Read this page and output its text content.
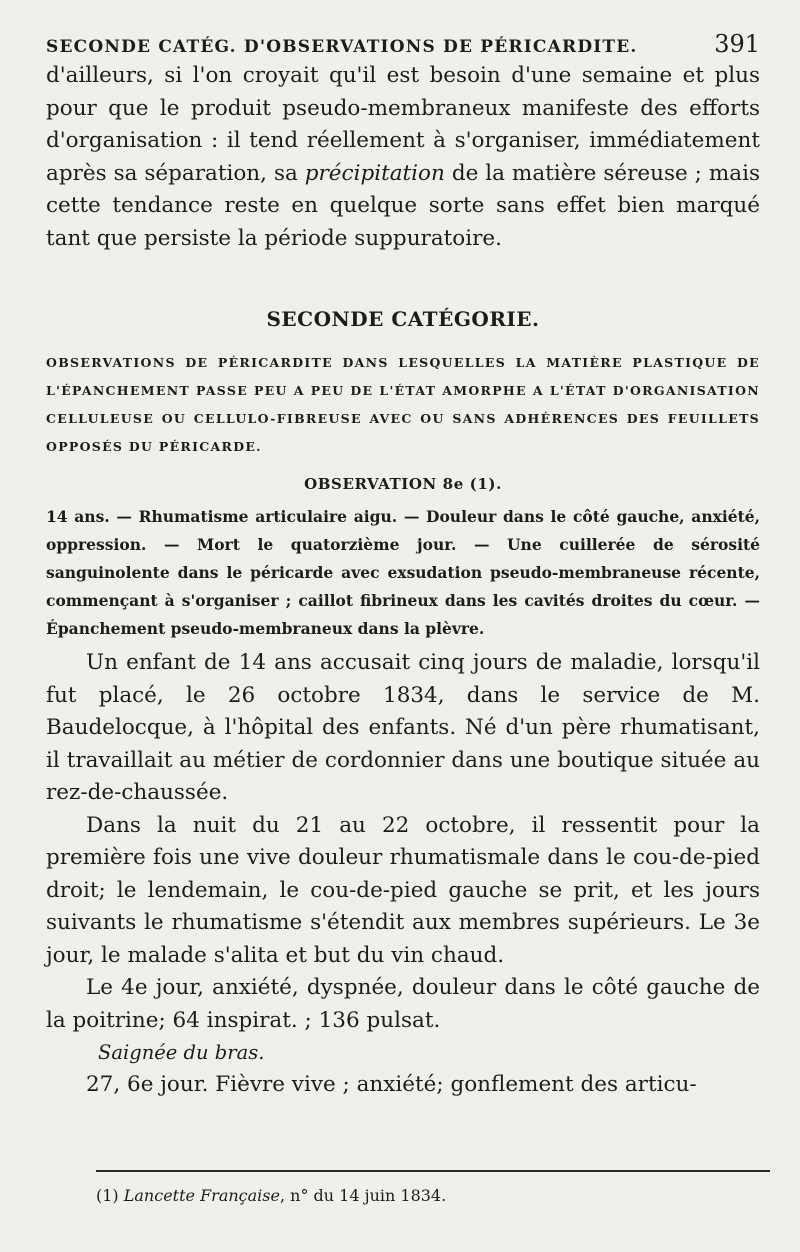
SECONDE CATÉG. D'OBSERVATIONS DE PÉRICARDITE.	391

d'ailleurs, si l'on croyait qu'il est besoin d'une semaine et plus pour que le produit pseudo-membraneux manifeste des efforts d'organisation : il tend réellement à s'organiser, immédiatement après sa séparation, sa précipitation de la matière séreuse ; mais cette tendance reste en quelque sorte sans effet bien marqué tant que persiste la période suppuratoire.

SECONDE CATÉGORIE.

OBSERVATIONS DE PÉRICARDITE DANS LESQUELLES LA MATIÈRE PLASTIQUE DE L'ÉPANCHEMENT PASSE PEU A PEU DE L'ÉTAT AMORPHE A L'ÉTAT D'ORGANISATION CELLULEUSE OU CELLULO-FIBREUSE AVEC OU SANS ADHÉRENCES DES FEUILLETS OPPOSÉS DU PÉRICARDE.

OBSERVATION 8e (1).

14 ans. — Rhumatisme articulaire aigu. — Douleur dans le côté gauche, anxiété, oppression. — Mort le quatorzième jour. — Une cuillerée de sérosité sanguinolente dans le péricarde avec exsudation pseudo-membraneuse récente, commençant à s'organiser ; caillot fibrineux dans les cavités droites du cœur. — Épanchement pseudo-membraneux dans la plèvre.

Un enfant de 14 ans accusait cinq jours de maladie, lorsqu'il fut placé, le 26 octobre 1834, dans le service de M. Baudelocque, à l'hôpital des enfants. Né d'un père rhumatisant, il travaillait au métier de cordonnier dans une boutique située au rez-de-chaussée.

Dans la nuit du 21 au 22 octobre, il ressentit pour la première fois une vive douleur rhumatismale dans le cou-de-pied droit; le lendemain, le cou-de-pied gauche se prit, et les jours suivants le rhumatisme s'étendit aux membres supérieurs. Le 3e jour, le malade s'alita et but du vin chaud.

Le 4e jour, anxiété, dyspnée, douleur dans le côté gauche de la poitrine; 64 inspirat. ; 136 pulsat.

Saignée du bras.

27, 6e jour. Fièvre vive ; anxiété; gonflement des articu-

(1) Lancette Française, n° du 14 juin 1834.
